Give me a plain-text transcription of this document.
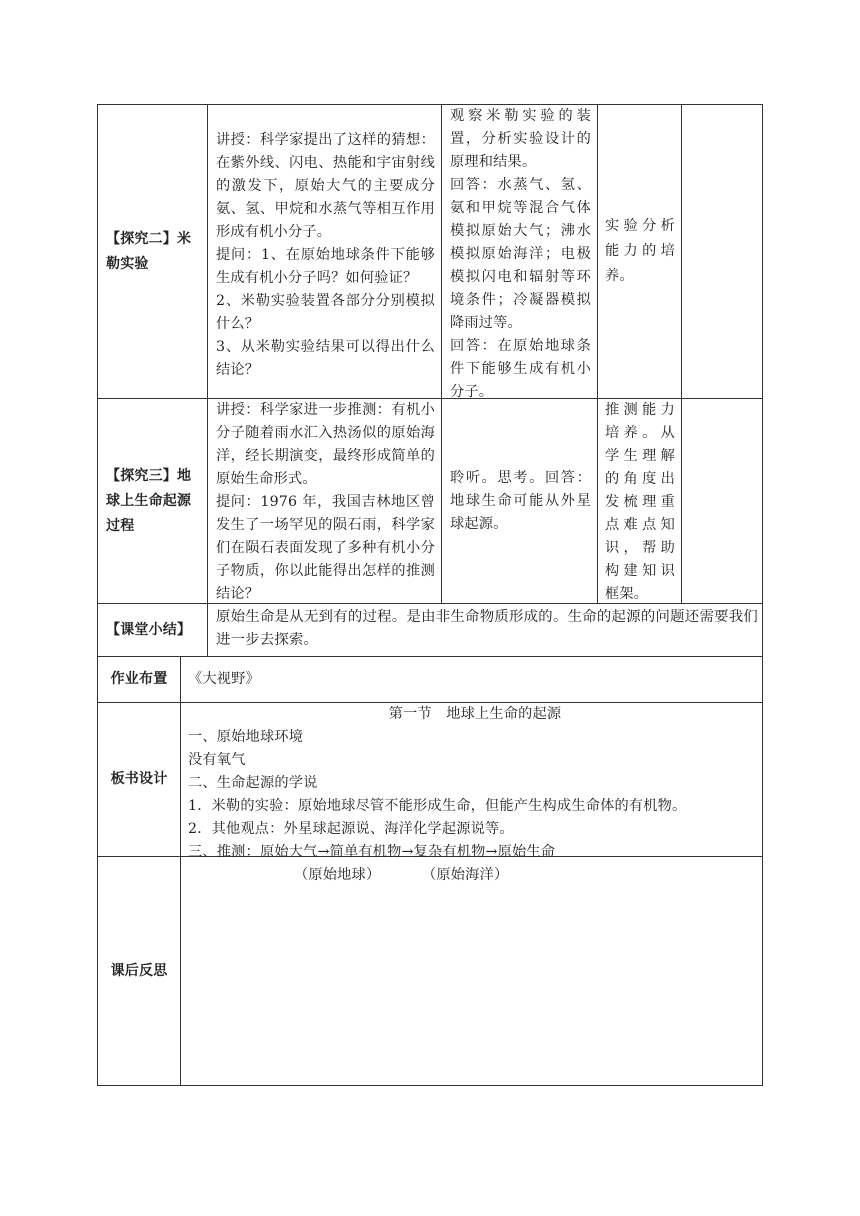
【探究二】米勒实验
讲授：科学家提出了这样的猜想：在紫外线、闪电、热能和宇宙射线的激发下，原始大气的主要成分氨、氢、甲烷和水蒸气等相互作用形成有机小分子。
提问：1、在原始地球条件下能够生成有机小分子吗？如何验证？
2、米勒实验装置各部分分别模拟什么？
3、从米勒实验结果可以得出什么结论？
观察米勒实验的装置，分析实验设计的原理和结果。
回答：水蒸气、氢、氨和甲烷等混合气体模拟原始大气；沸水模拟原始海洋；电极模拟闪电和辐射等环境条件；冷凝器模拟降雨过等。
回答：在原始地球条件下能够生成有机小分子。
实验分析能力的培养。
【探究三】地球上生命起源过程
讲授：科学家进一步推测：有机小分子随着雨水汇入热汤似的原始海洋，经长期演变，最终形成简单的原始生命形式。
提问：1976 年，我国吉林地区曾发生了一场罕见的陨石雨，科学家们在陨石表面发现了多种有机小分子物质，你以此能得出怎样的推测结论？
聆听。思考。回答：地球生命可能从外星球起源。
推测能力培养。从学生理解的角度出发梳理重点难点知识，帮助构建知识框架。
【课堂小结】
原始生命是从无到有的过程。是由非生命物质形成的。生命的起源的问题还需要我们进一步去探索。
作业布置 《大视野》
板书设计
第一节　地球上生命的起源
一、原始地球环境
没有氧气
二、生命起源的学说
1．米勒的实验：原始地球尽管不能形成生命，但能产生构成生命体的有机物。
2．其他观点：外星球起源说、海洋化学起源说等。
三、推测：原始大气→简单有机物→复杂有机物→原始生命
（原始地球）	（原始海洋）
课后反思
